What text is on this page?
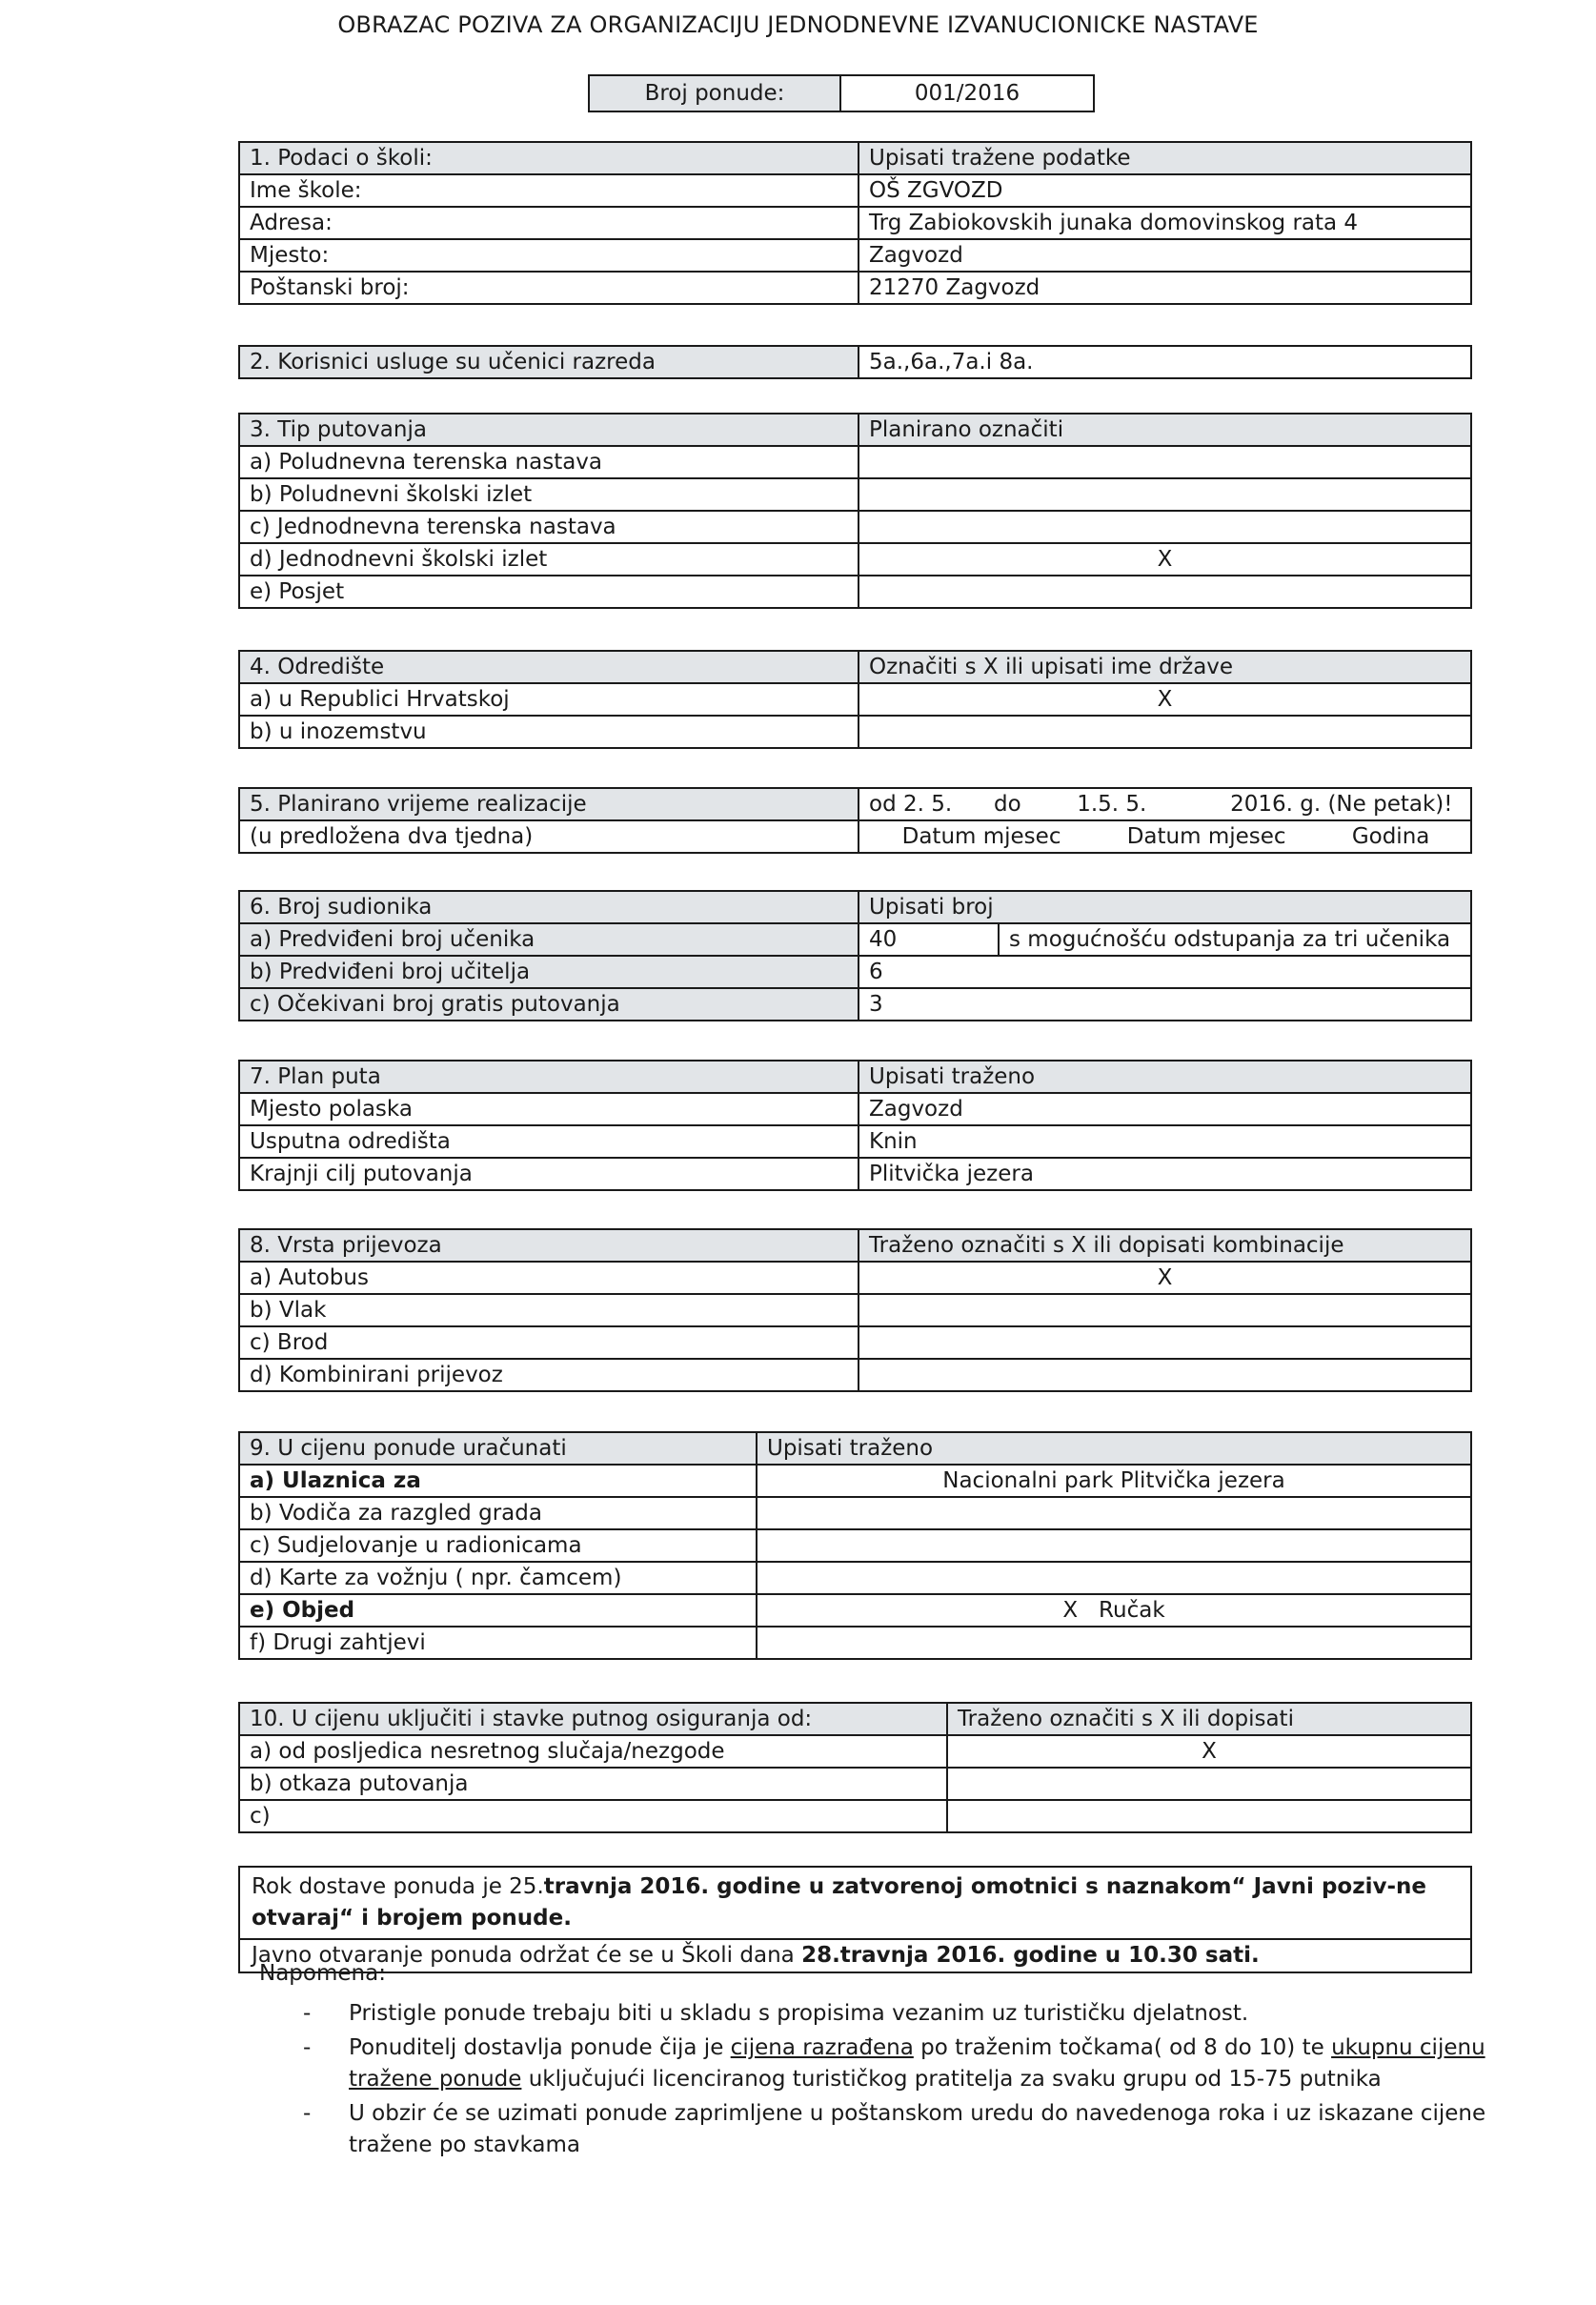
OBRAZAC POZIVA ZA ORGANIZACIJU JEDNODNEVNE IZVANUCIONICKE NASTAVE
Broj ponude:	001/2016
1. Podaci o školi:	Upisati tražene podatke
Ime škole:	OŠ ZGVOZD
Adresa:	Trg Zabiokovskih junaka domovinskog rata 4
Mjesto:	Zagvozd
Poštanski broj:	21270 Zagvozd
2. Korisnici usluge su učenici razreda	5a.,6a.,7a.i 8a.
3. Tip putovanja	Planirano označiti
a) Poludnevna terenska nastava	
b) Poludnevni školski izlet	
c) Jednodnevna terenska nastava	
d) Jednodnevni školski izlet	X
e) Posjet	
4. Odredište	Označiti s X ili upisati ime države
a) u Republici Hrvatskoj	X
b) u inozemstvu	
5. Planirano vrijeme realizacije	od 2. 5.      do        1.5. 5.            2016. g. (Ne petak)!
(u predložena dva tjedna)	Datum mjesec Datum mjesec Godina
6. Broj sudionika	Upisati broj	
a) Predviđeni broj učenika	40	s mogućnošću odstupanja za tri učenika
b) Predviđeni broj učitelja	6	
c) Očekivani broj gratis putovanja	3	
7. Plan puta	Upisati traženo
Mjesto polaska	Zagvozd
Usputna odredišta	Knin
Krajnji cilj putovanja	Plitvička jezera
8. Vrsta prijevoza	Traženo označiti s X ili dopisati kombinacije
a) Autobus	X
b) Vlak	
c) Brod	
d) Kombinirani prijevoz	
9. U cijenu ponude uračunati	Upisati traženo
a) Ulaznica za	Nacionalni park Plitvička jezera
b) Vodiča za razgled grada	
c) Sudjelovanje u radionicama	
d) Karte za vožnju ( npr. čamcem)	
e) Objed	X   Ručak
f) Drugi zahtjevi	
10. U cijenu uključiti i stavke putnog osiguranja od:	Traženo označiti s X ili dopisati
a) od posljedica nesretnog slučaja/nezgode	X
b) otkaza putovanja	
c)	
Rok dostave ponuda je 25.travnja 2016. godine u zatvorenoj omotnici s naznakom“ Javni poziv-ne otvaraj“ i brojem ponude.
Javno otvaranje ponuda održat će se u Školi dana 28.travnja 2016. godine u 10.30 sati.
Napomena:
- Pristigle ponude trebaju biti u skladu s propisima vezanim uz turističku djelatnost.
- Ponuditelj dostavlja ponude čija je cijena razrađena po traženim točkama( od 8 do 10) te ukupnu cijenu tražene ponude uključujući licenciranog turističkog pratitelja za svaku grupu od 15-75 putnika
- U obzir će se uzimati ponude zaprimljene u poštanskom uredu do navedenoga roka i uz iskazane cijene tražene po stavkama
